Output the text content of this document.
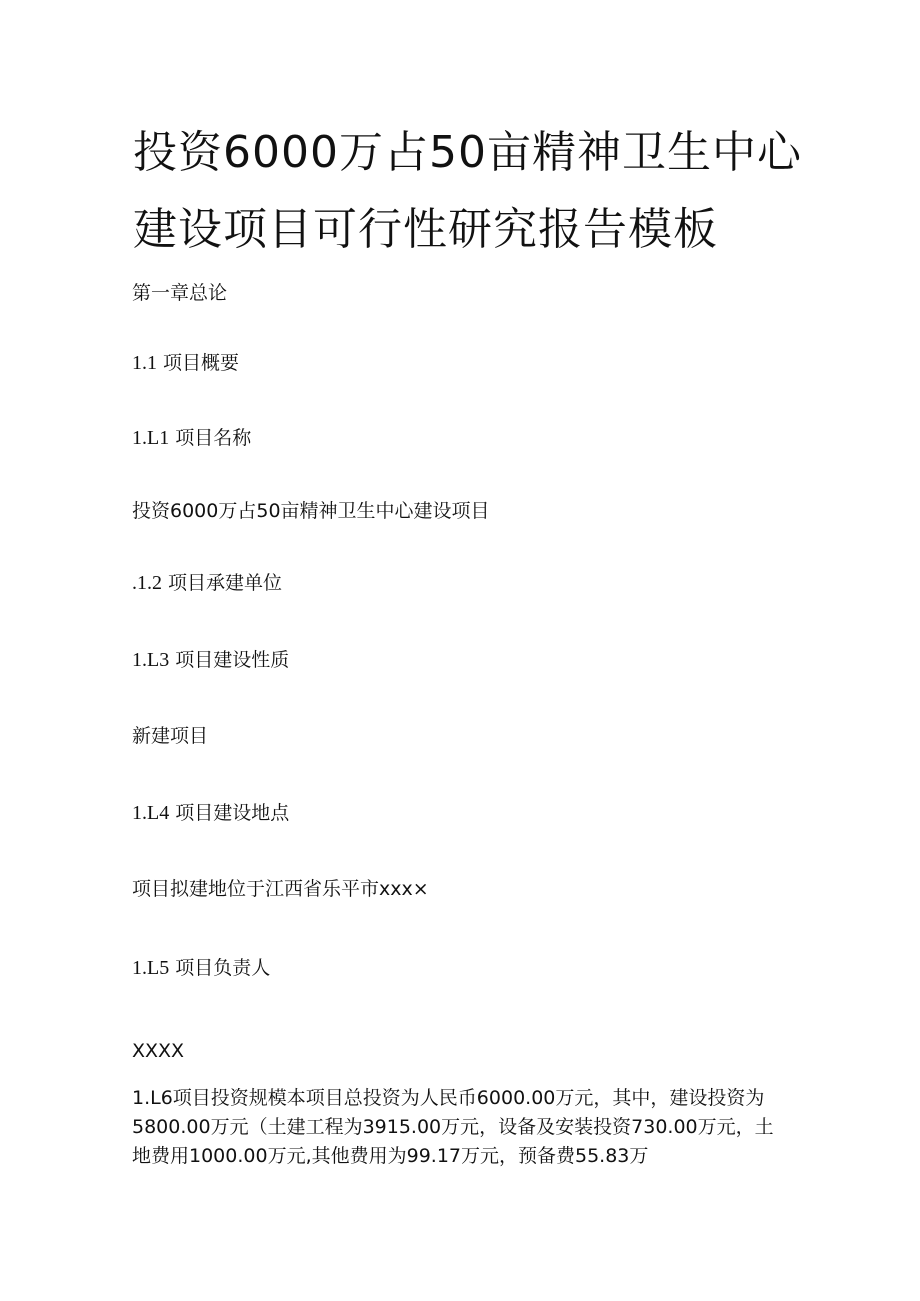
投资6000万占50亩精神卫生中心
建设项目可行性研究报告模板
第一章总论
1.1 项目概要
1.L1 项目名称
投资6000万占50亩精神卫生中心建设项目
.1.2 项目承建单位
1.L3 项目建设性质
新建项目
1.L4 项目建设地点
项目拟建地位于江西省乐平市xxx×
1.L5 项目负责人
XXXX
1.L6项目投资规模本项目总投资为人民币6000.00万元，其中，建设投资为5800.00万元（土建工程为3915.00万元，设备及安装投资730.00万元，土地费用1000.00万元,其他费用为99.17万元，预备费55.83万
